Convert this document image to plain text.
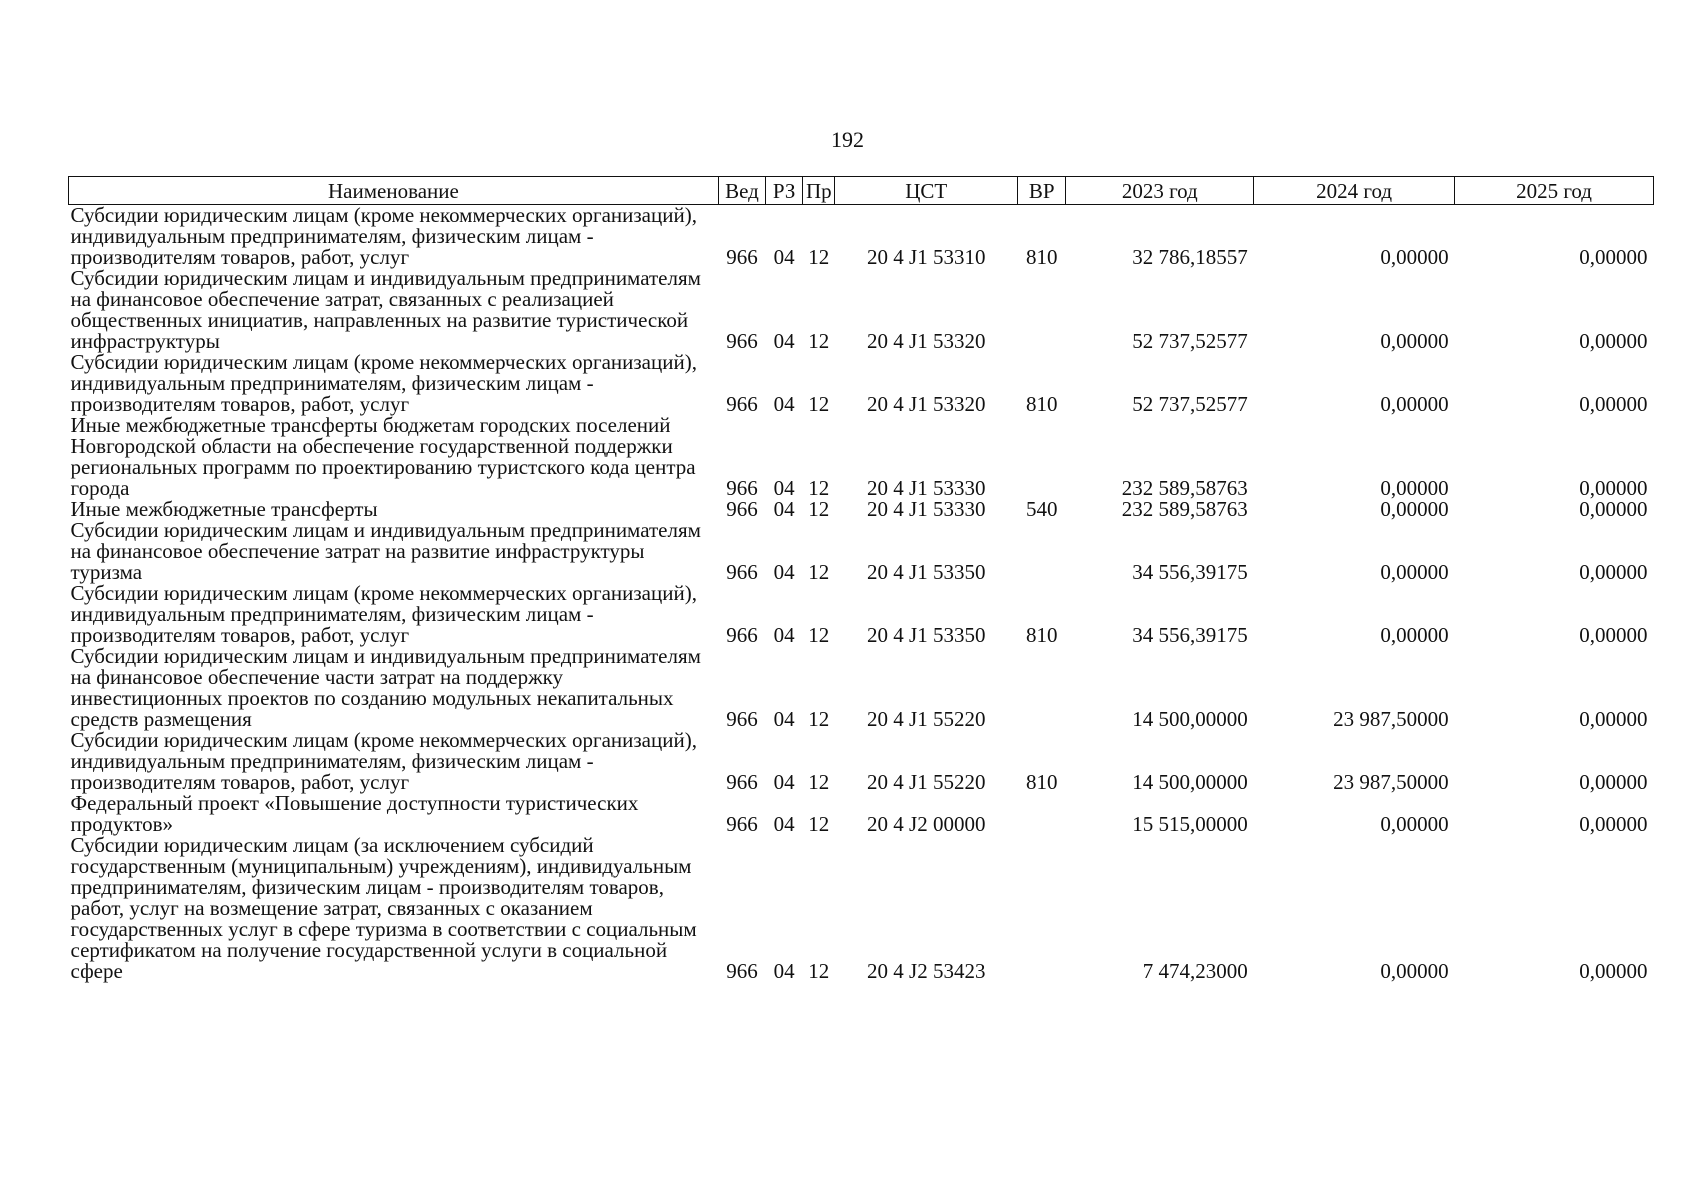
192
Наименование	Вед	РЗ	Пр	ЦСТ	ВР	2023 год	2024 год	2025 год
Субсидии юридическим лицам (кроме некоммерческих организаций), индивидуальным предпринимателям, физическим лицам - производителям товаров, работ, услуг	966	04	12	20 4 J1 53310	810	32 786,18557	0,00000	0,00000
Субсидии юридическим лицам и индивидуальным предпринимателям на финансовое обеспечение затрат, связанных с реализацией общественных инициатив, направленных на развитие туристической инфраструктуры	966	04	12	20 4 J1 53320		52 737,52577	0,00000	0,00000
Субсидии юридическим лицам (кроме некоммерческих организаций), индивидуальным предпринимателям, физическим лицам - производителям товаров, работ, услуг	966	04	12	20 4 J1 53320	810	52 737,52577	0,00000	0,00000
Иные межбюджетные трансферты бюджетам городских поселений Новгородской области на обеспечение государственной поддержки региональных программ по проектированию туристского кода центра города	966	04	12	20 4 J1 53330		232 589,58763	0,00000	0,00000
Иные межбюджетные трансферты	966	04	12	20 4 J1 53330	540	232 589,58763	0,00000	0,00000
Субсидии юридическим лицам и индивидуальным предпринимателям на финансовое обеспечение затрат на развитие инфраструктуры туризма	966	04	12	20 4 J1 53350		34 556,39175	0,00000	0,00000
Субсидии юридическим лицам (кроме некоммерческих организаций), индивидуальным предпринимателям, физическим лицам - производителям товаров, работ, услуг	966	04	12	20 4 J1 53350	810	34 556,39175	0,00000	0,00000
Субсидии юридическим лицам и индивидуальным предпринимателям на финансовое обеспечение части затрат на поддержку инвестиционных проектов по созданию модульных некапитальных средств размещения	966	04	12	20 4 J1 55220		14 500,00000	23 987,50000	0,00000
Субсидии юридическим лицам (кроме некоммерческих организаций), индивидуальным предпринимателям, физическим лицам - производителям товаров, работ, услуг	966	04	12	20 4 J1 55220	810	14 500,00000	23 987,50000	0,00000
Федеральный проект «Повышение доступности туристических продуктов»	966	04	12	20 4 J2 00000		15 515,00000	0,00000	0,00000
Субсидии юридическим лицам (за исключением субсидий государственным (муниципальным) учреждениям), индивидуальным предпринимателям, физическим лицам - производителям товаров, работ, услуг на возмещение затрат, связанных с оказанием государственных услуг в сфере туризма в соответствии с социальным сертификатом на получение государственной услуги в социальной сфере	966	04	12	20 4 J2 53423		7 474,23000	0,00000	0,00000
